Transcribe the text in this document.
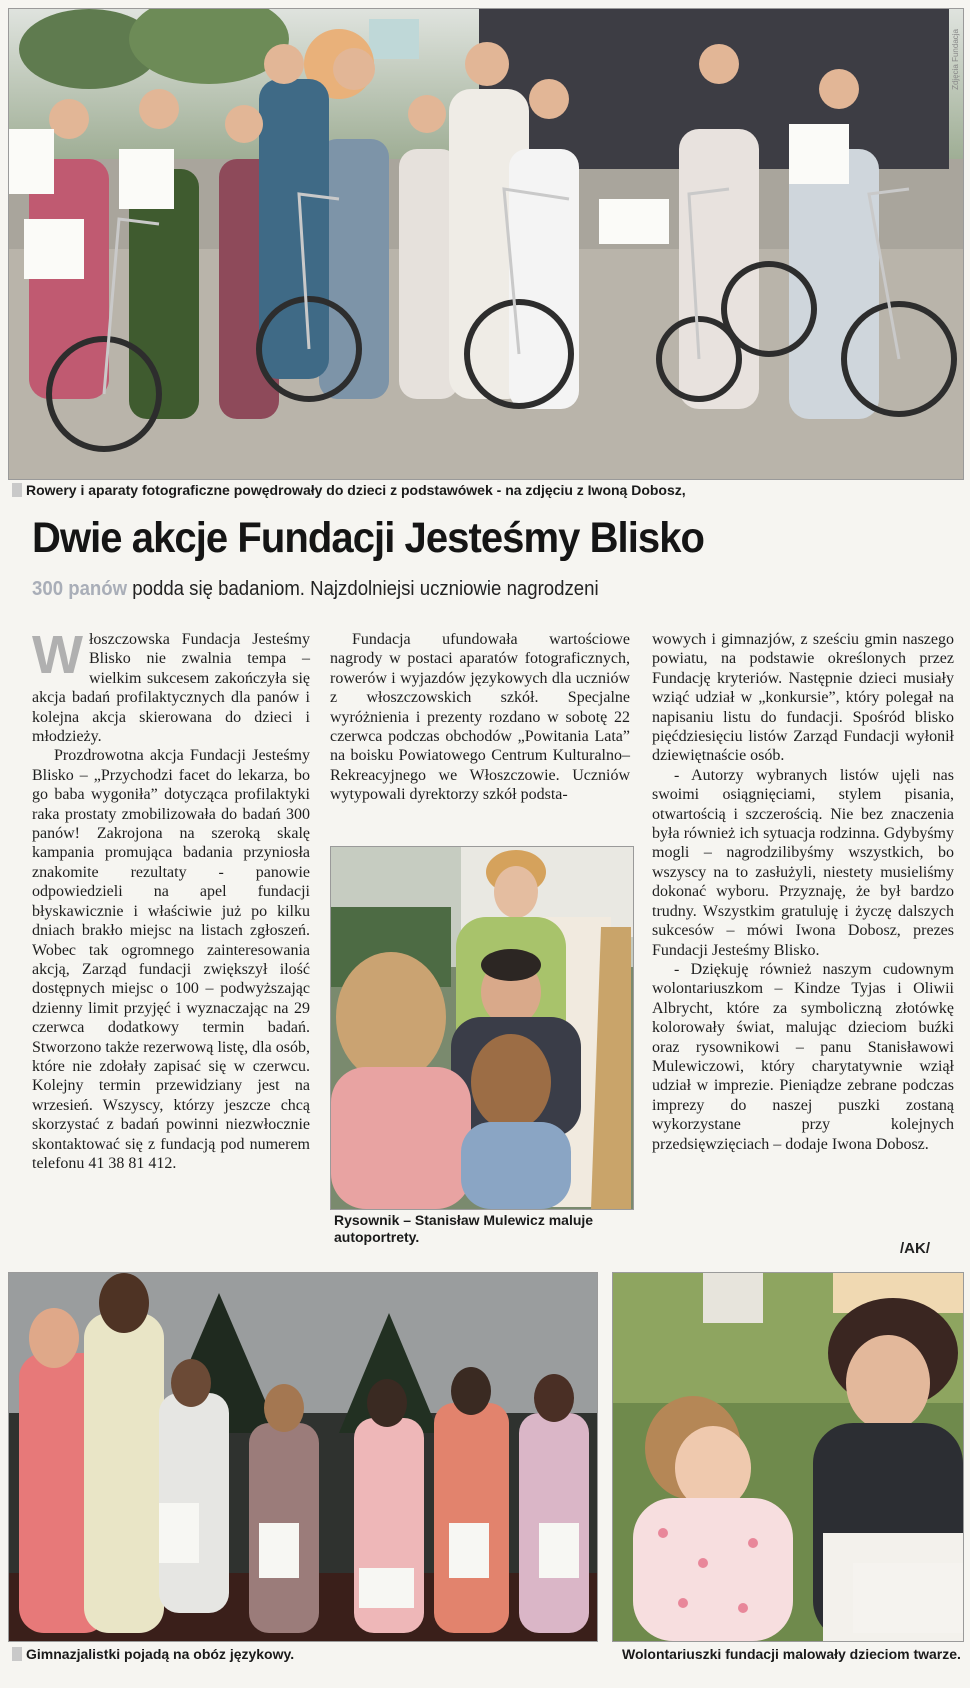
Zdjęcia Fundacja
Rowery i aparaty fotograficzne powędrowały do dzieci z podstawówek - na zdjęciu z Iwoną Dobosz,
Dwie akcje Fundacji Jesteśmy Blisko
300 panów podda się badaniom. Najzdolniejsi uczniowie nagrodzeni

Włoszczowska Fundacja Jesteśmy Blisko nie zwalnia tempa – wielkim sukcesem zakończyła się akcja badań profilaktycznych dla panów i kolejna akcja skierowana do dzieci i młodzieży.

Prozdrowotna akcja Fundacji Jesteśmy Blisko – „Przychodzi facet do lekarza, bo go baba wygoniła” dotycząca profilaktyki raka prostaty zmobilizowała do badań 300 panów! Zakrojona na szeroką skalę kampania promująca badania przyniosła znakomite rezultaty - panowie odpowiedzieli na apel fundacji błyskawicznie i właściwie już po kilku dniach brakło miejsc na listach zgłoszeń. Wobec tak ogromnego zainteresowania akcją, Zarząd fundacji zwiększył ilość dostępnych miejsc o 100 – podwyższając dzienny limit przyjęć i wyznaczając na 29 czerwca dodatkowy termin badań. Stworzono także rezerwową listę, dla osób, które nie zdołały zapisać się w czerwcu. Kolejny termin przewidziany jest na wrzesień. Wszyscy, którzy jeszcze chcą skorzystać z badań powinni niezwłocznie skontaktować się z fundacją pod numerem telefonu 41 38 81 412.

Fundacja ufundowała wartościowe nagrody w postaci aparatów fotograficznych, rowerów i wyjazdów językowych dla uczniów z włoszczowskich szkół. Specjalne wyróżnienia i prezenty rozdano w sobotę 22 czerwca podczas obchodów „Powitania Lata” na boisku Powiatowego Centrum Kulturalno–Rekreacyjnego we Włoszczowie. Uczniów wytypowali dyrektorzy szkół podsta-

Rysownik – Stanisław Mulewicz maluje autoportrety.

wowych i gimnazjów, z sześciu gmin naszego powiatu, na podstawie określonych przez Fundację kryteriów. Następnie dzieci musiały wziąć udział w „konkursie”, który polegał na napisaniu listu do fundacji. Spośród blisko pięćdziesięciu listów Zarząd Fundacji wyłonił dziewiętnaście osób.

- Autorzy wybranych listów ujęli nas swoimi osiągnięciami, stylem pisania, otwartością i szczerością. Nie bez znaczenia była również ich sytuacja rodzinna. Gdybyśmy mogli – nagrodzilibyśmy wszystkich, bo wszyscy na to zasłużyli, niestety musieliśmy dokonać wyboru. Przyznaję, że był bardzo trudny. Wszystkim gratuluję i życzę dalszych sukcesów – mówi Iwona Dobosz, prezes Fundacji Jesteśmy Blisko.

- Dziękuję również naszym cudownym wolontariuszkom – Kindze Tyjas i Oliwii Albrycht, które za symboliczną złotówkę kolorowały świat, malując dzieciom buźki oraz rysownikowi – panu Stanisławowi Mulewiczowi, który charytatywnie wziął udział w imprezie. Pieniądze zebrane podczas imprezy do naszej puszki zostaną wykorzystane przy kolejnych przedsięwzięciach – dodaje Iwona Dobosz.

/AK/
Gimnazjalistki pojadą na obóz językowy.	Wolontariuszki fundacji malowały dzieciom twarze.
